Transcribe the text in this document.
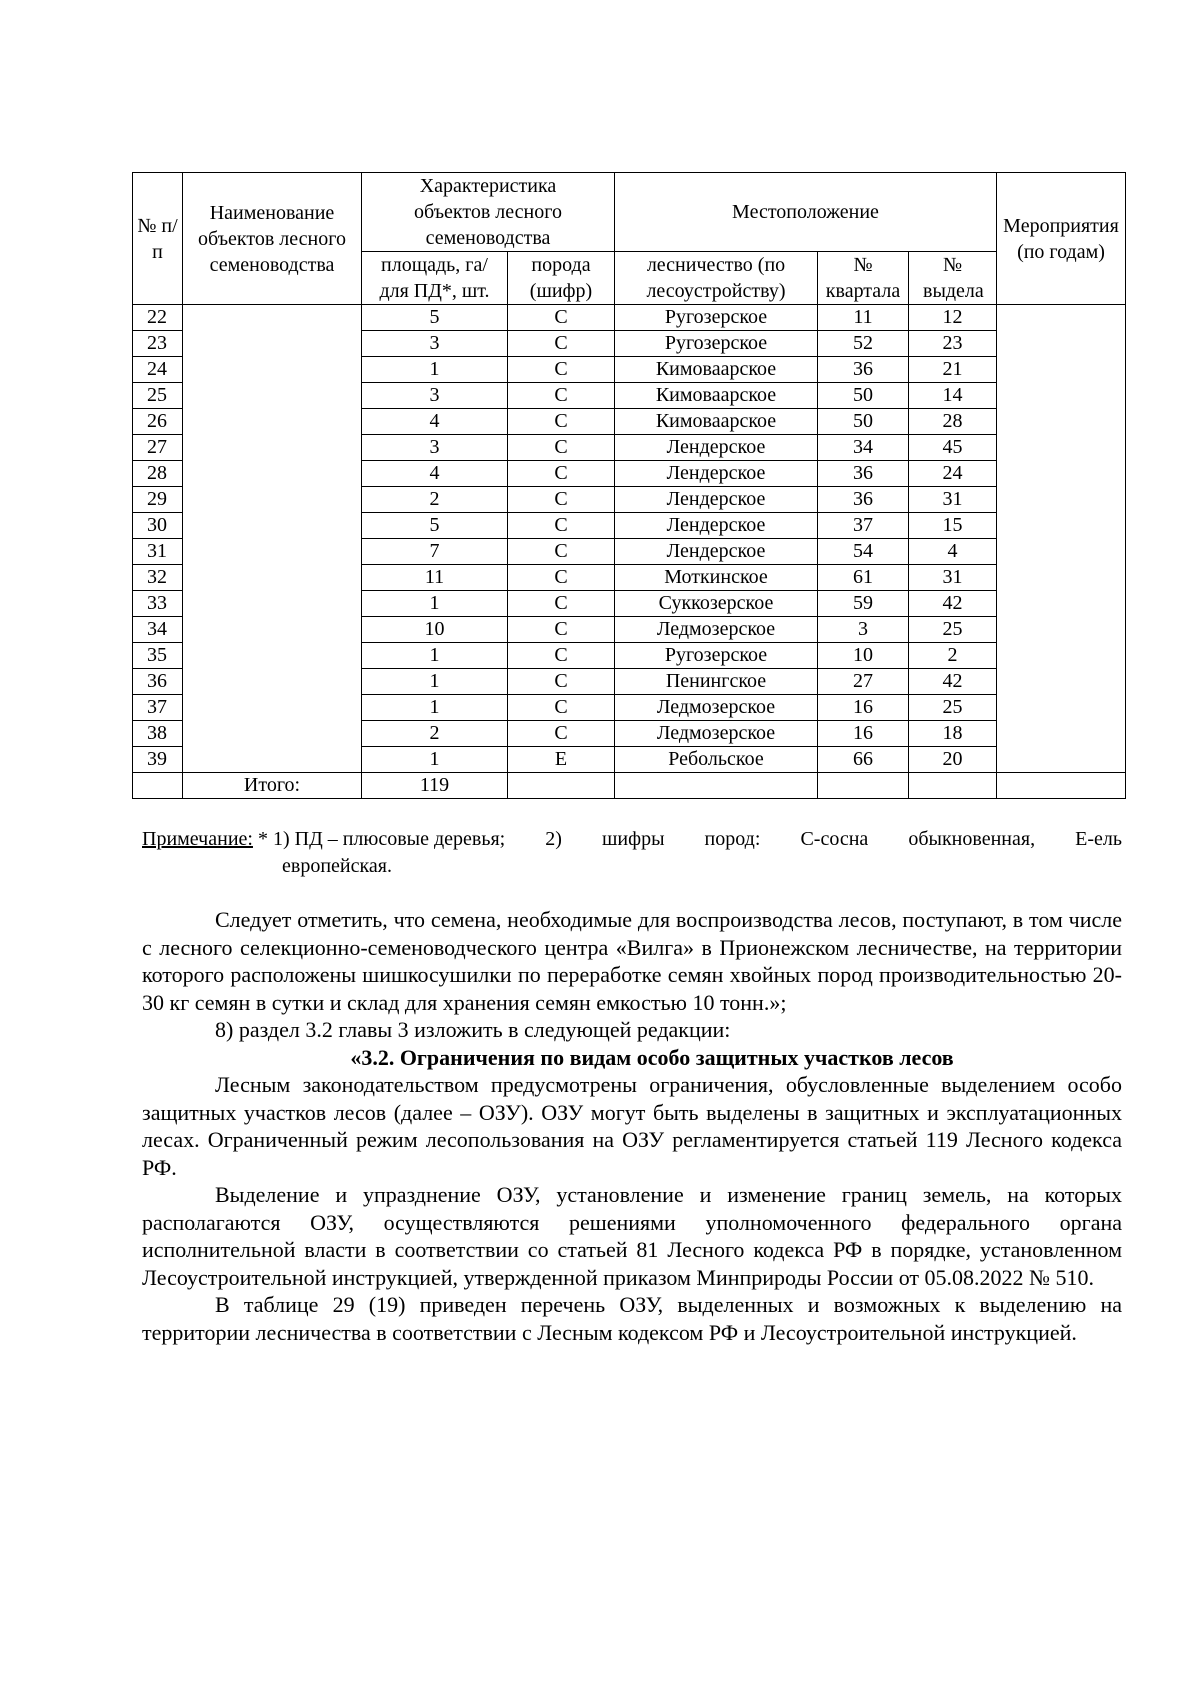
№ п/п	Наименование объектов лесного семеноводства	Характеристика объектов лесного семеноводства		Местоположение			Мероприятия (по годам)
		площадь, га/ для ПД*, шт.	порода (шифр)	лесничество (по лесоустройству)	№ квартала	№ выдела	
22		5	С	Ругозерское	11	12	
23		3	С	Ругозерское	52	23	
24		1	С	Кимоваарское	36	21	
25		3	С	Кимоваарское	50	14	
26		4	С	Кимоваарское	50	28	
27		3	С	Лендерское	34	45	
28		4	С	Лендерское	36	24	
29		2	С	Лендерское	36	31	
30		5	С	Лендерское	37	15	
31		7	С	Лендерское	54	4	
32		11	С	Моткинское	61	31	
33		1	С	Суккозерское	59	42	
34		10	С	Ледмозерское	3	25	
35		1	С	Ругозерское	10	2	
36		1	С	Пенингское	27	42	
37		1	С	Ледмозерское	16	25	
38		2	С	Ледмозерское	16	18	
39		1	Е	Ребольское	66	20	
	Итого:	119					
Примечание: * 1) ПД – плюсовые деревья; 2) шифры пород: С-сосна обыкновенная, Е-ель
европейская.

Следует отметить, что семена, необходимые для воспроизводства лесов, поступают, в том числе с лесного селекционно-семеноводческого центра «Вилга» в Прионежском лесничестве, на территории которого расположены шишкосушилки по переработке семян хвойных пород производительностью 20-30 кг семян в сутки и склад для хранения семян емкостью 10 тонн.»;

8) раздел 3.2 главы 3 изложить в следующей редакции:

«3.2. Ограничения по видам особо защитных участков лесов

Лесным законодательством предусмотрены ограничения, обусловленные выделением особо защитных участков лесов (далее – ОЗУ). ОЗУ могут быть выделены в защитных и эксплуатационных лесах. Ограниченный режим лесопользования на ОЗУ регламентируется статьей 119 Лесного кодекса РФ.

Выделение и упразднение ОЗУ, установление и изменение границ земель, на которых располагаются ОЗУ, осуществляются решениями уполномоченного федерального органа исполнительной власти в соответствии со статьей 81 Лесного кодекса РФ в порядке, установленном Лесоустроительной инструкцией, утвержденной приказом Минприроды России от 05.08.2022 № 510.

В таблице 29 (19) приведен перечень ОЗУ, выделенных и возможных к выделению на территории лесничества в соответствии с Лесным кодексом РФ и Лесоустроительной инструкцией.
